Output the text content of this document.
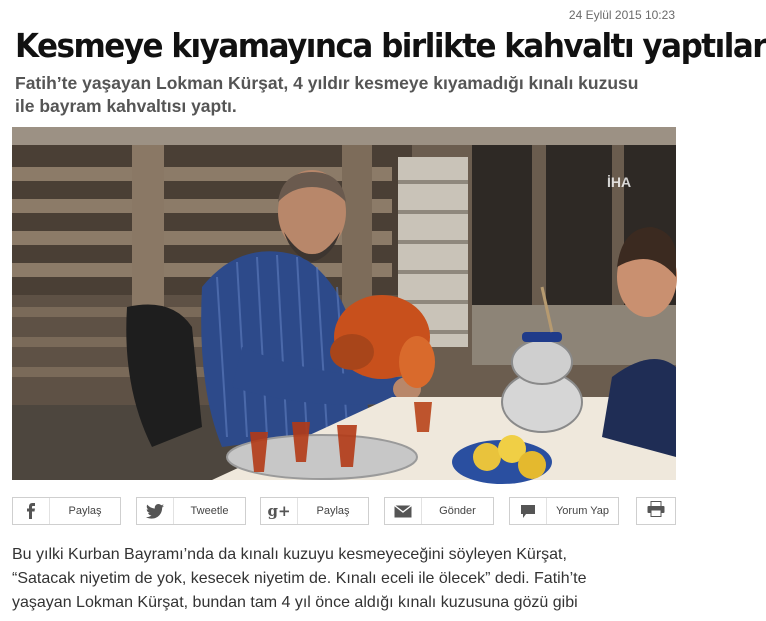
24 Eylül 2015 10:23
Kesmeye kıyamayınca birlikte kahvaltı yaptılar
Fatih’te yaşayan Lokman Kürşat, 4 yıldır kesmeye kıyamadığı kınalı kuzusu ile bayram kahvaltısı yaptı.
İHA
Paylaş	Tweetle	g+	Paylaş	Gönder	Yorum Yap

Bu yılki Kurban Bayramı’nda da kınalı kuzuyu kesmeyeceğini söyleyen Kürşat,

“Satacak niyetim de yok, kesecek niyetim de. Kınalı eceli ile ölecek” dedi. Fatih’te

yaşayan Lokman Kürşat, bundan tam 4 yıl önce aldığı kınalı kuzusuna gözü gibi
